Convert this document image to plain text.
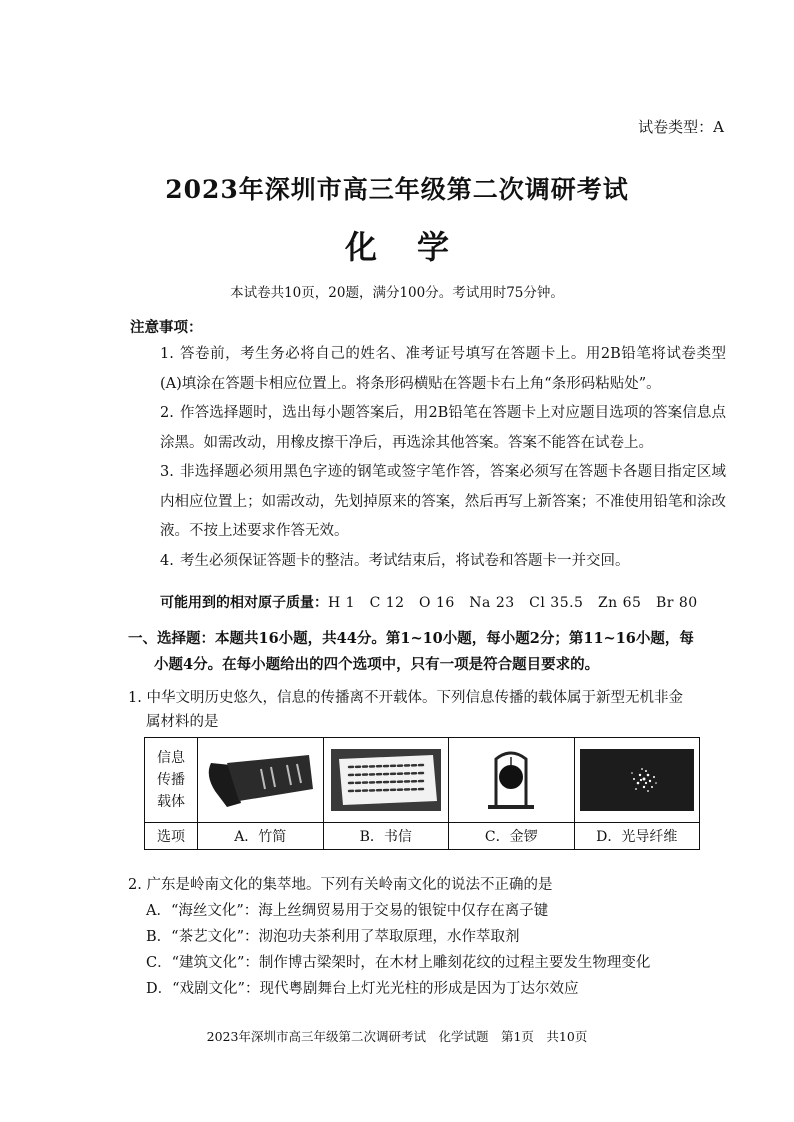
试卷类型：A
2023年深圳市高三年级第二次调研考试
化学
本试卷共10页，20题，满分100分。考试用时75分钟。
注意事项：
1. 答卷前，考生务必将自己的姓名、准考证号填写在答题卡上。用2B铅笔将试卷类型(A)填涂在答题卡相应位置上。将条形码横贴在答题卡右上角“条形码粘贴处”。
2. 作答选择题时，选出每小题答案后，用2B铅笔在答题卡上对应题目选项的答案信息点涂黑。如需改动，用橡皮擦干净后，再选涂其他答案。答案不能答在试卷上。
3. 非选择题必须用黑色字迹的钢笔或签字笔作答，答案必须写在答题卡各题目指定区域内相应位置上；如需改动，先划掉原来的答案，然后再写上新答案；不准使用铅笔和涂改液。不按上述要求作答无效。
4. 考生必须保证答题卡的整洁。考试结束后，将试卷和答题卡一并交回。
可能用到的相对原子质量：H 1　C 12　O 16　Na 23　Cl 35.5　Zn 65　Br 80
一、选择题：本题共16小题，共44分。第1~10小题，每小题2分；第11~16小题，每
小题4分。在每小题给出的四个选项中，只有一项是符合题目要求的。
1. 中华文明历史悠久，信息的传播离不开载体。下列信息传播的载体属于新型无机非金
属材料的是
信息
传播
载体

选项	A．竹简	B．书信	C．金锣	D．光导纤维
2. 广东是岭南文化的集萃地。下列有关岭南文化的说法不正确的是
A．“海丝文化”：海上丝绸贸易用于交易的银锭中仅存在离子键
B．“茶艺文化”：沏泡功夫茶利用了萃取原理，水作萃取剂
C．“建筑文化”：制作博古梁架时，在木材上雕刻花纹的过程主要发生物理变化
D．“戏剧文化”：现代粤剧舞台上灯光光柱的形成是因为丁达尔效应
2023年深圳市高三年级第二次调研考试　化学试题　第1页　共10页
